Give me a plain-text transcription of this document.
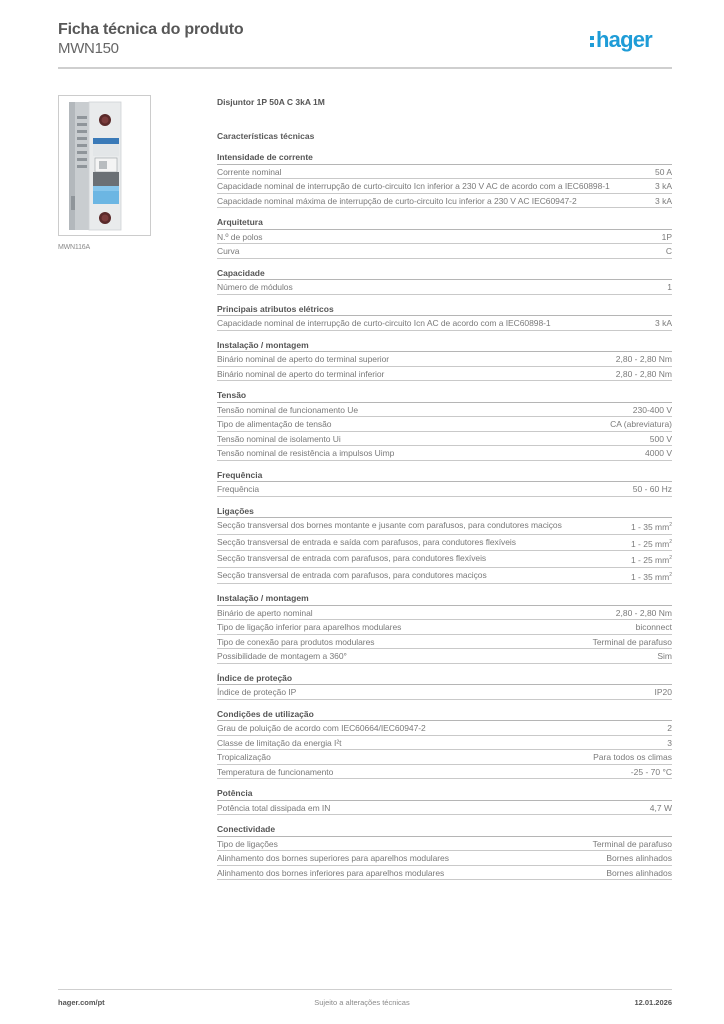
Ficha técnica do produto
MWN150	hager
MWN116A
Disjuntor 1P 50A C 3kA 1M
Características técnicas
Intensidade de corrente
Corrente nominal	50 A
Capacidade nominal de interrupção de curto-circuito Icn inferior a 230 V AC de acordo com a IEC60898-1	3 kA
Capacidade nominal máxima de interrupção de curto-circuito Icu inferior a 230 V AC IEC60947-2	3 kA
Arquitetura
N.º de polos	1P
Curva	C
Capacidade
Número de módulos	1
Principais atributos elétricos
Capacidade nominal de interrupção de curto-circuito Icn AC de acordo com a IEC60898-1	3 kA
Instalação / montagem
Binário nominal de aperto do terminal superior	2,80 - 2,80 Nm
Binário nominal de aperto do terminal inferior	2,80 - 2,80 Nm
Tensão
Tensão nominal de funcionamento Ue	230-400 V
Tipo de alimentação de tensão	CA (abreviatura)
Tensão nominal de isolamento Ui	500 V
Tensão nominal de resistência a impulsos Uimp	4000 V
Frequência
Frequência	50 - 60 Hz
Ligações
Secção transversal dos bornes montante e jusante com parafusos, para condutores maciços	1 - 35 $mm^2$
Secção transversal de entrada e saída com parafusos, para condutores flexíveis	1 - 25 $mm^2$
Secção transversal de entrada com parafusos, para condutores flexíveis	1 - 25 $mm^2$
Secção transversal de entrada com parafusos, para condutores maciços	1 - 35 $mm^2$
Instalação / montagem
Binário de aperto nominal	2,80 - 2,80 Nm
Tipo de ligação inferior para aparelhos modulares	biconnect
Tipo de conexão para produtos modulares	Terminal de parafuso
Possibilidade de montagem a 360°	Sim
Índice de proteção
Índice de proteção IP	IP20
Condições de utilização
Grau de poluição de acordo com IEC60664/IEC60947-2	2
Classe de limitação da energia I²t	3
Tropicalização	Para todos os climas
Temperatura de funcionamento	-25 - 70 °C
Potência
Potência total dissipada em IN	4,7 W
Conectividade
Tipo de ligações	Terminal de parafuso
Alinhamento dos bornes superiores para aparelhos modulares	Bornes alinhados
Alinhamento dos bornes inferiores para aparelhos modulares	Bornes alinhados
hager.com/pt	Sujeito a alterações técnicas	12.01.2026
